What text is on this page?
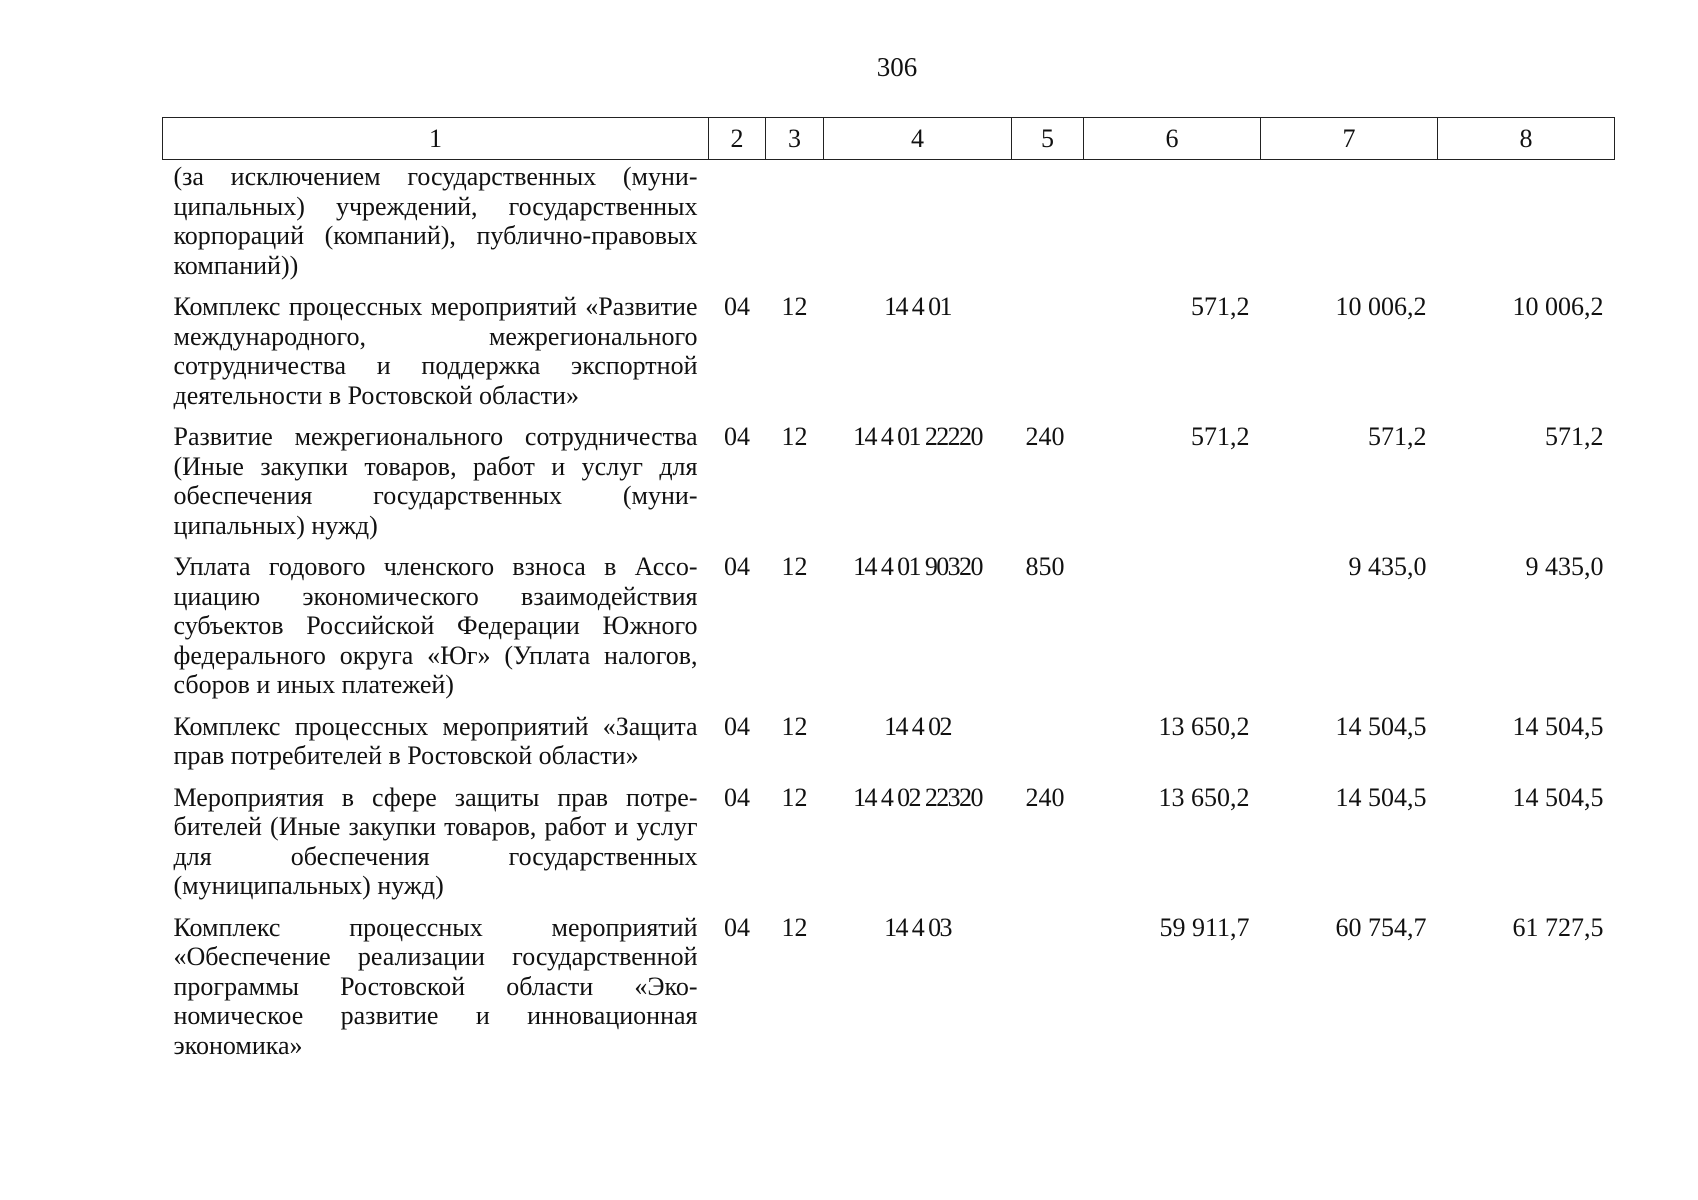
306
1	2	3	4	5	6	7	8
(за исключением государственных (муниципальных) учреждений, государственных корпораций (компаний), публично-правовых компаний))							
Комплекс процессных мероприятий «Развитие международного, межрегионального сотрудничества и поддержка экспортной деятельности в Ростовской области»	04	12	14 4 01		571,2	10 006,2	10 006,2
Развитие межрегионального сотрудничества (Иные закупки товаров, работ и услуг для обеспечения государственных (муниципальных) нужд)	04	12	14 4 01 22220	240	571,2	571,2	571,2
Уплата годового членского взноса в Ассоциацию экономического взаимодействия субъектов Российской Федерации Южного федерального округа «Юг» (Уплата налогов, сборов и иных платежей)	04	12	14 4 01 90320	850		9 435,0	9 435,0
Комплекс процессных мероприятий «Защита прав потребителей в Ростовской области»	04	12	14 4 02		13 650,2	14 504,5	14 504,5
Мероприятия в сфере защиты прав потребителей (Иные закупки товаров, работ и услуг для обеспечения государственных (муниципальных) нужд)	04	12	14 4 02 22320	240	13 650,2	14 504,5	14 504,5
Комплекс процессных мероприятий «Обеспечение реализации государственной программы Ростовской области «Экономическое развитие и инновационная экономика»	04	12	14 4 03		59 911,7	60 754,7	61 727,5
